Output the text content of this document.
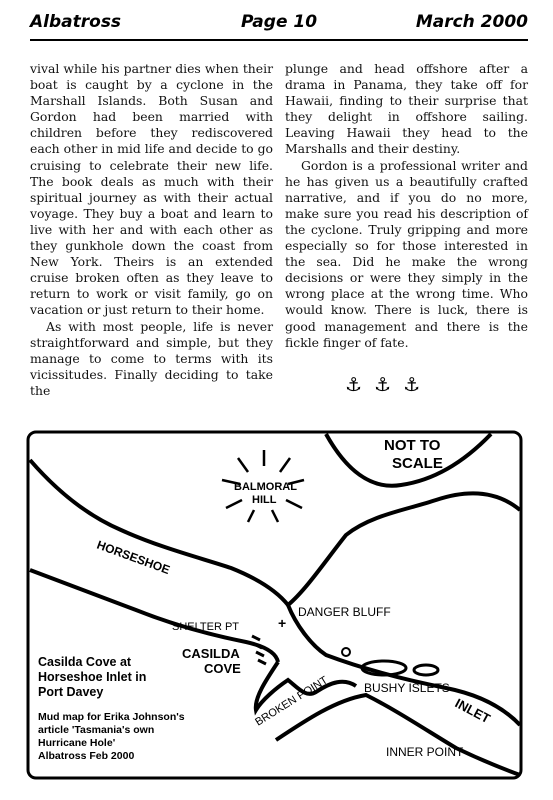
Albatross	Page 10	March 2000

vival while his partner dies when their boat is caught by a cyclone in the Marshall Islands. Both Susan and Gordon had been married with children before they rediscovered each other in mid life and decide to go cruising to celebrate their new life. The book deals as much with their spiritual journey as with their actual voyage. They buy a boat and learn to live with her and with each other as they gunkhole down the coast from New York. Theirs is an extended cruise broken often as they leave to return to work or visit family, go on vacation or just return to their home.

As with most people, life is never straightforward and simple, but they manage to come to terms with its vicissitudes. Finally deciding to take the

plunge and head offshore after a drama in Panama, they take off for Hawaii, finding to their surprise that they delight in offshore sailing. Leaving Hawaii they head to the Marshalls and their destiny.

Gordon is a professional writer and he has given us a beautifully crafted narrative, and if you do no more, make sure you read his description of the cyclone. Truly gripping and more especially so for those interested in the sea. Did he make the wrong decisions or were they simply in the wrong place at the wrong time. Who would know. There is luck, there is good management and there is the fickle finger of fate.

⚓⚓⚓
+
NOT TO
SCALE
BALMORAL
HILL
HORSESHOE
DANGER BLUFF
SHELTER PT
CASILDA
COVE
BUSHY ISLETS
BROKEN POINT	INLET
INNER POINT
Casilda Cove at
Horseshoe Inlet in
Port Davey
Mud map for Erika Johnson's
article 'Tasmania's own
Hurricane Hole'
Albatross Feb 2000
